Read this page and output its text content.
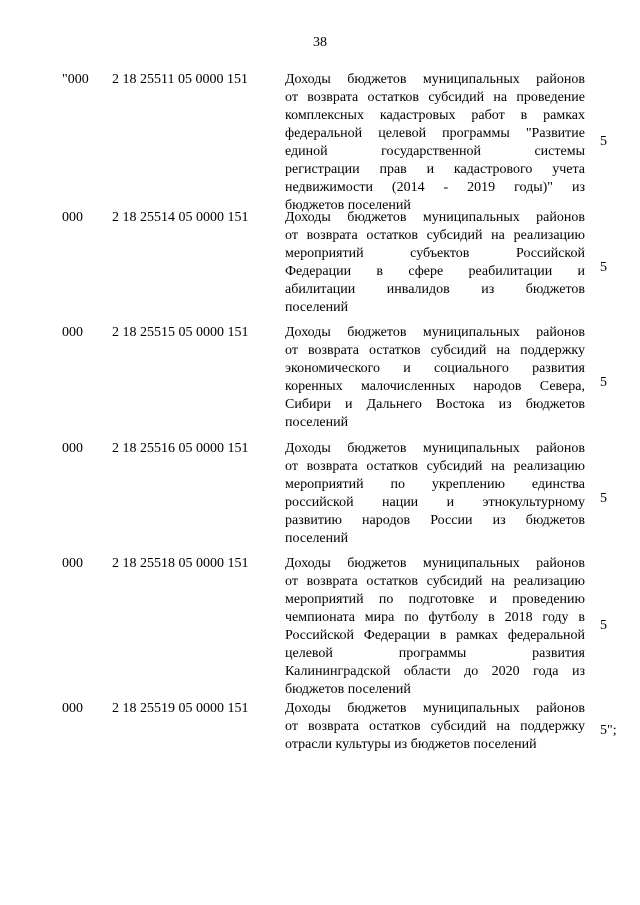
38
"000 2 18 25511 05 0000 151	Доходы бюджетов муниципальных районов

от возврата остатков субсидий на проведение

комплексных кадастровых работ в рамках

федеральной целевой программы "Развитие

единой государственной системы

регистрации прав и кадастрового учета

недвижимости (2014 - 2019 годы)" из

бюджетов поселений

5
000 2 18 25514 05 0000 151	Доходы бюджетов муниципальных районов

от возврата остатков субсидий на реализацию

мероприятий субъектов Российской

Федерации в сфере реабилитации и

абилитации инвалидов из бюджетов

поселений

5
000 2 18 25515 05 0000 151	Доходы бюджетов муниципальных районов

от возврата остатков субсидий на поддержку

экономического и социального развития

коренных малочисленных народов Севера,

Сибири и Дальнего Востока из бюджетов

поселений

5
000 2 18 25516 05 0000 151	Доходы бюджетов муниципальных районов

от возврата остатков субсидий на реализацию

мероприятий по укреплению единства

российской нации и этнокультурному

развитию народов России из бюджетов

поселений

5
000 2 18 25518 05 0000 151	Доходы бюджетов муниципальных районов

от возврата остатков субсидий на реализацию

мероприятий по подготовке и проведению

чемпионата мира по футболу в 2018 году в

Российской Федерации в рамках федеральной

целевой программы развития

Калининградской области до 2020 года из

бюджетов поселений

5
000 2 18 25519 05 0000 151	Доходы бюджетов муниципальных районов

от возврата остатков субсидий на поддержку

отрасли культуры из бюджетов поселений

5";
